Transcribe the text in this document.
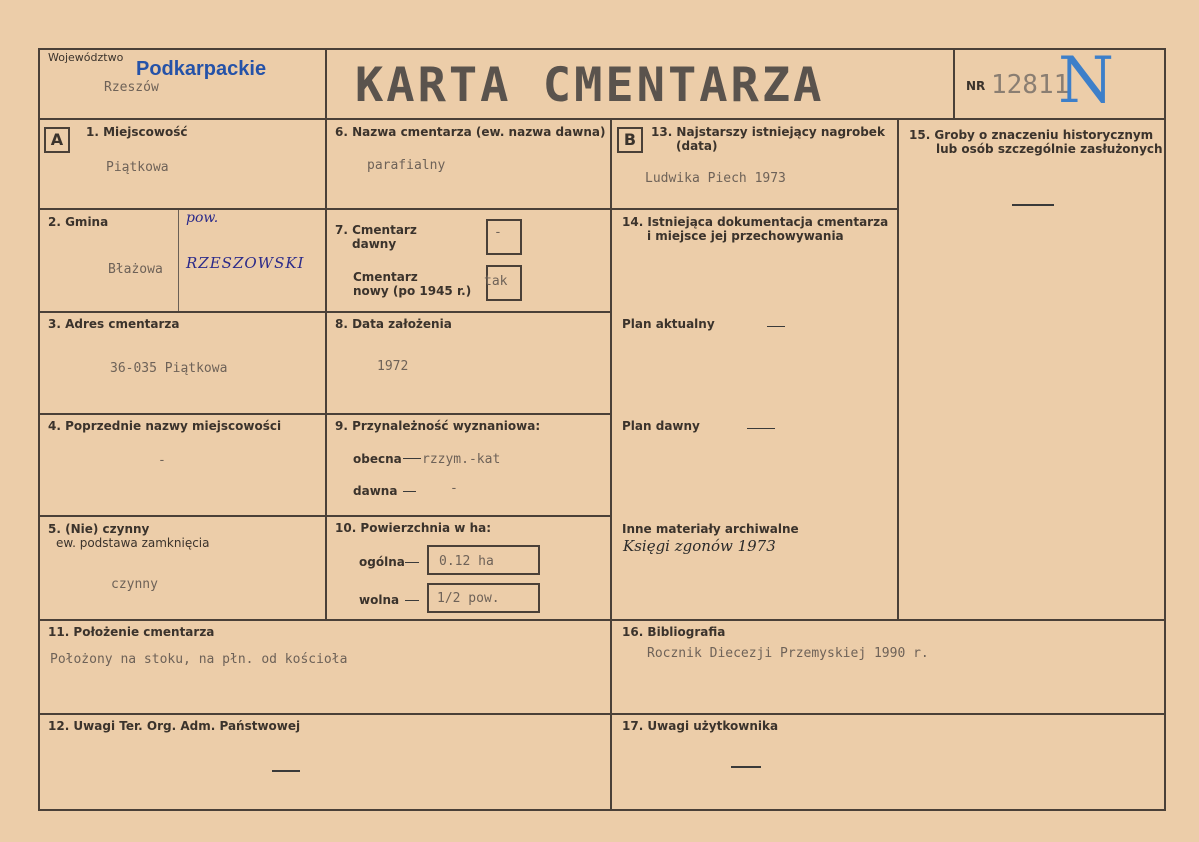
Województwo
Podkarpackie
Rzeszów	KARTA CMENTARZA	NR 12811
N
A	B
1. Miejscowość
Piątkowa
2. Gmina
Błażowa
pow.
RZESZOWSKI
3. Adres cmentarza
36-035 Piątkowa
4. Poprzednie nazwy miejscowości
-
5. (Nie) czynny
ew. podstawa zamknięcia
czynny
6. Nazwa cmentarza (ew. nazwa dawna)
parafialny
7. Cmentarz
dawny
-
Cmentarz
nowy (po 1945 r.)
tak
8. Data założenia
1972
9. Przynależność wyznaniowa:
obecna rzzym.-kat
dawna	-
10. Powierzchnia w ha:
ogólna	0.12 ha
wolna	1/2 pow.
11. Położenie cmentarza
Położony na stoku, na płn. od kościoła
12. Uwagi Ter. Org. Adm. Państwowej
13. Najstarszy istniejący nagrobek
(data)
Ludwika Piech 1973
14. Istniejąca dokumentacja cmentarza
i miejsce jej przechowywania
Plan aktualny
Plan dawny
Inne materiały archiwalne
Księgi zgonów 1973
15. Groby o znaczeniu historycznym
lub osób szczególnie zasłużonych
16. Bibliografia
Rocznik Diecezji Przemyskiej 1990 r.
17. Uwagi użytkownika
